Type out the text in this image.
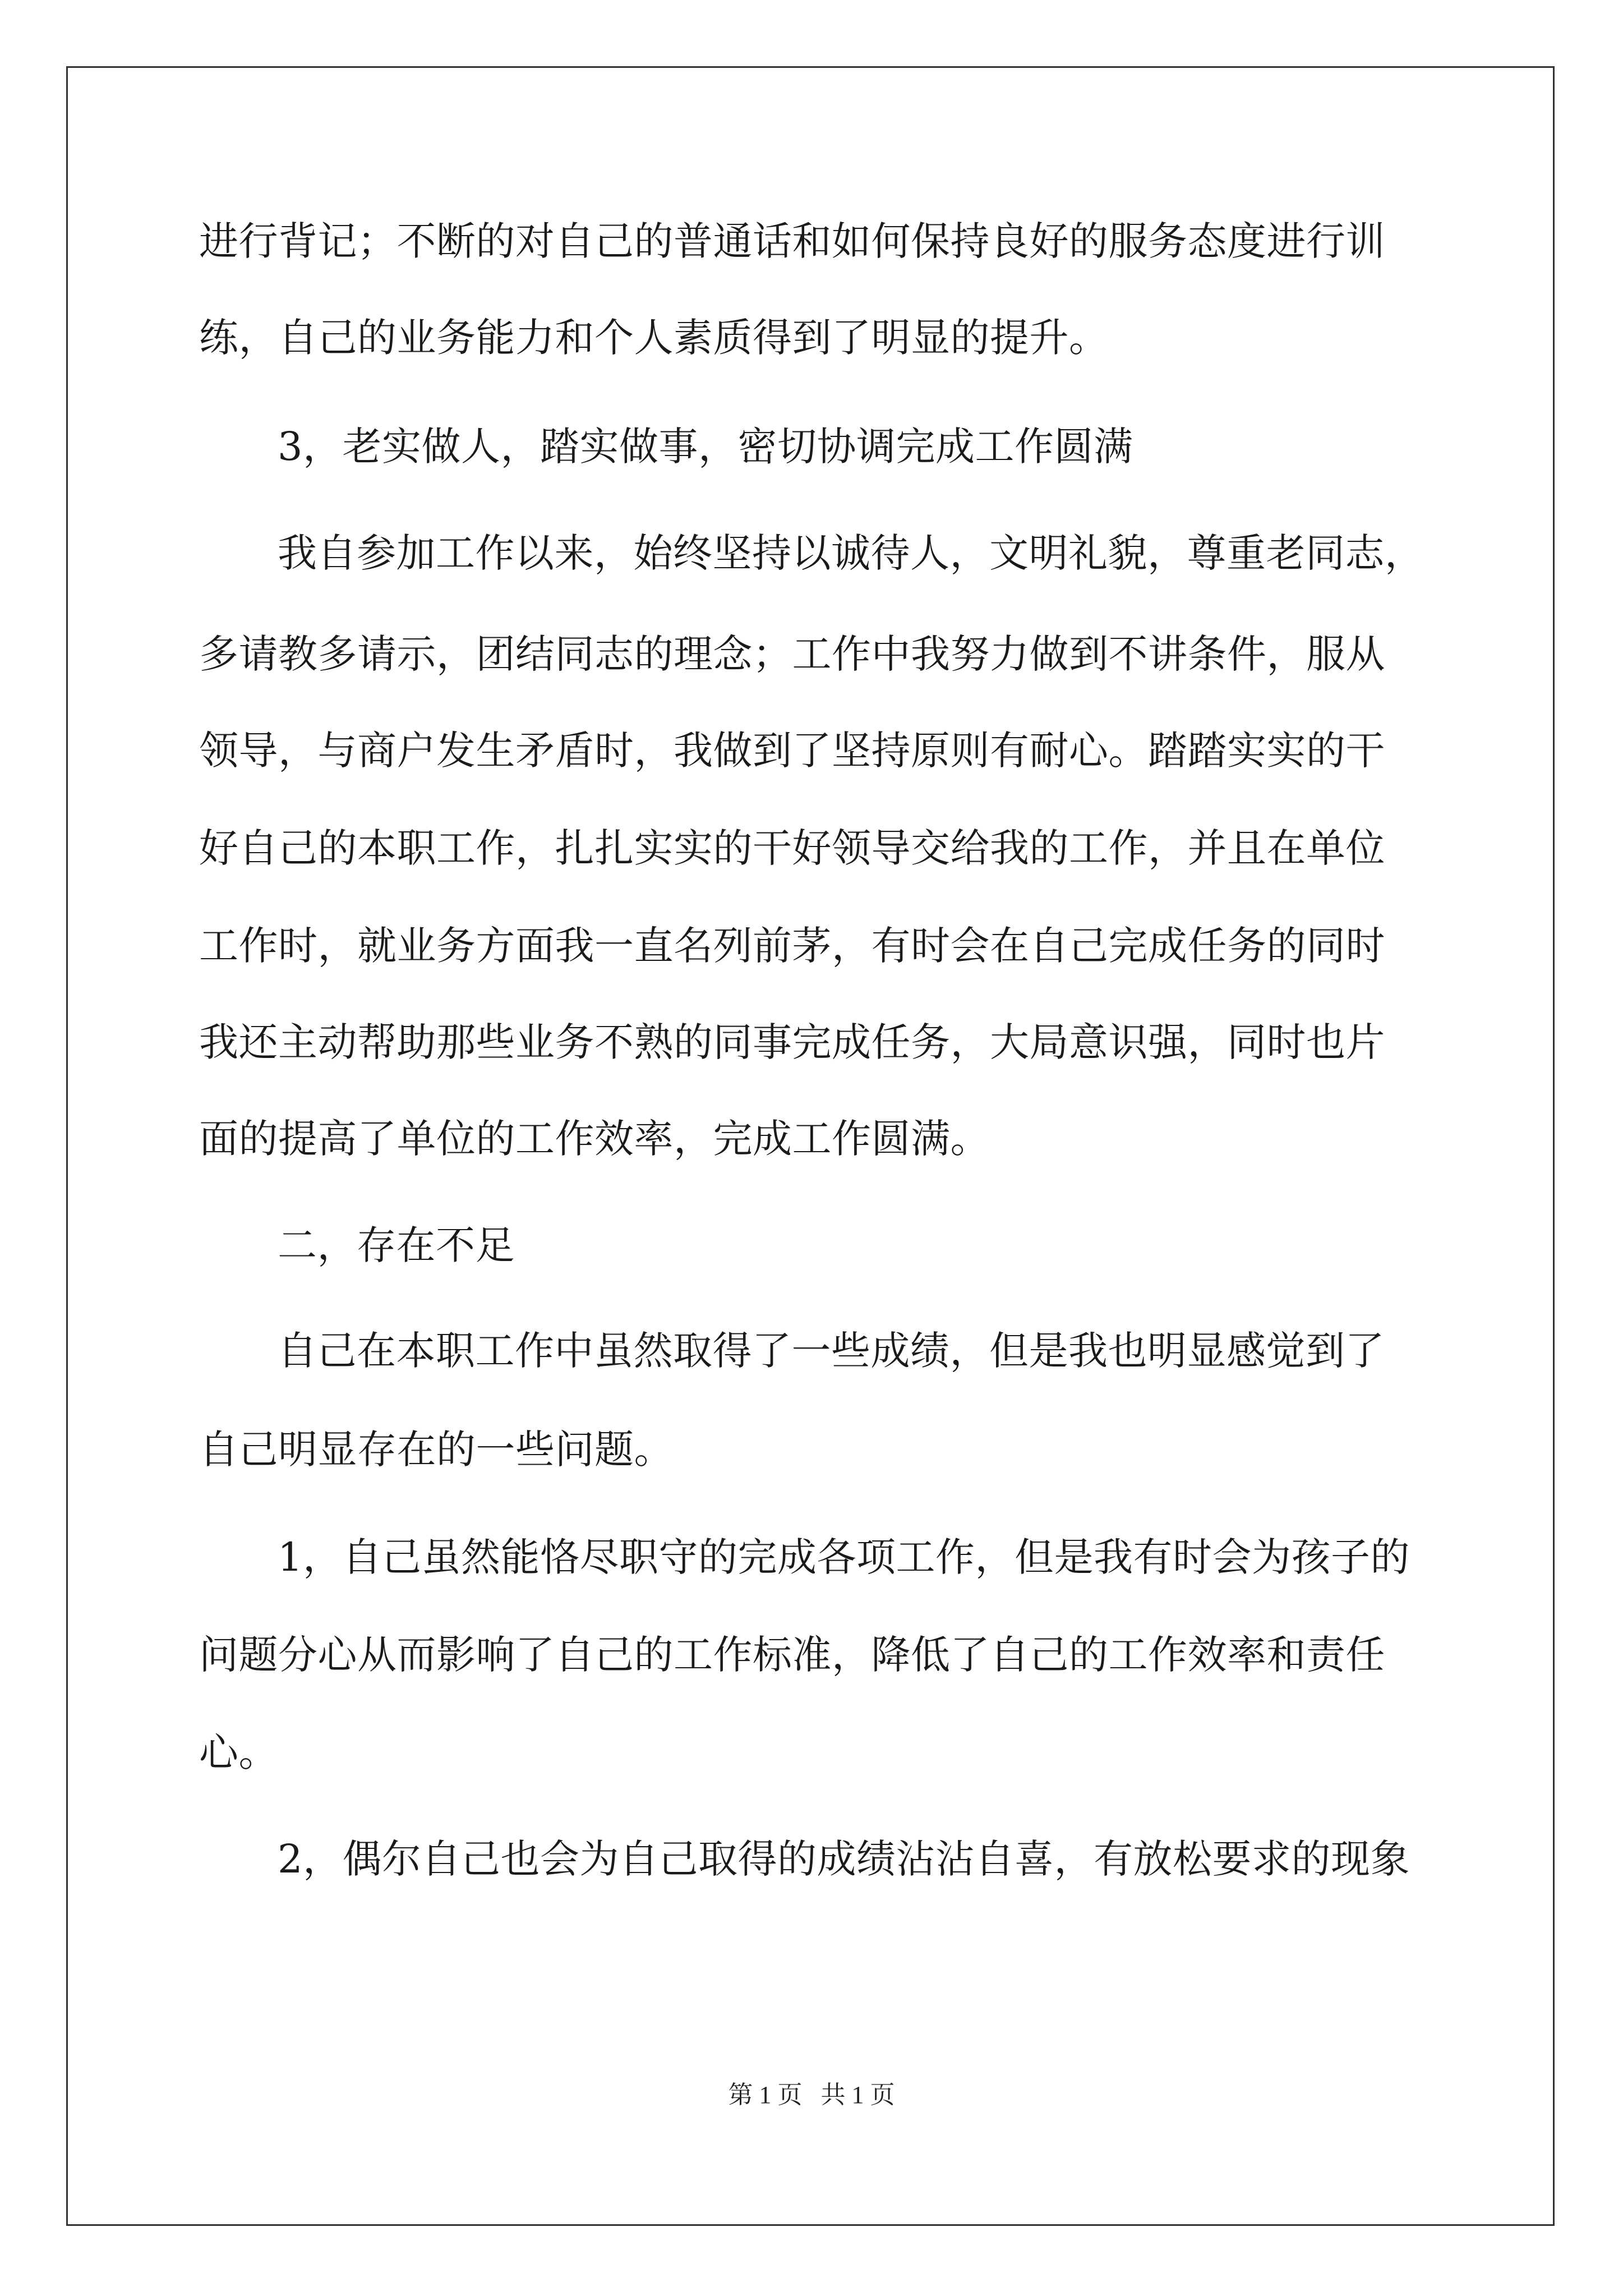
进行背记；不断的对自己的普通话和如何保持良好的服务态度进行训
练，自己的业务能力和个人素质得到了明显的提升。
3，老实做人，踏实做事，密切协调完成工作圆满
我自参加工作以来，始终坚持以诚待人，文明礼貌，尊重老同志，
多请教多请示，团结同志的理念；工作中我努力做到不讲条件，服从
领导，与商户发生矛盾时，我做到了坚持原则有耐心。踏踏实实的干
好自己的本职工作，扎扎实实的干好领导交给我的工作，并且在单位
工作时，就业务方面我一直名列前茅，有时会在自己完成任务的同时
我还主动帮助那些业务不熟的同事完成任务，大局意识强，同时也片
面的提高了单位的工作效率，完成工作圆满。
二，存在不足
自己在本职工作中虽然取得了一些成绩，但是我也明显感觉到了
自己明显存在的一些问题。
1，自己虽然能恪尽职守的完成各项工作，但是我有时会为孩子的
问题分心从而影响了自己的工作标准，降低了自己的工作效率和责任
心。
2，偶尔自己也会为自己取得的成绩沾沾自喜，有放松要求的现象
第 1 页   共 1 页
